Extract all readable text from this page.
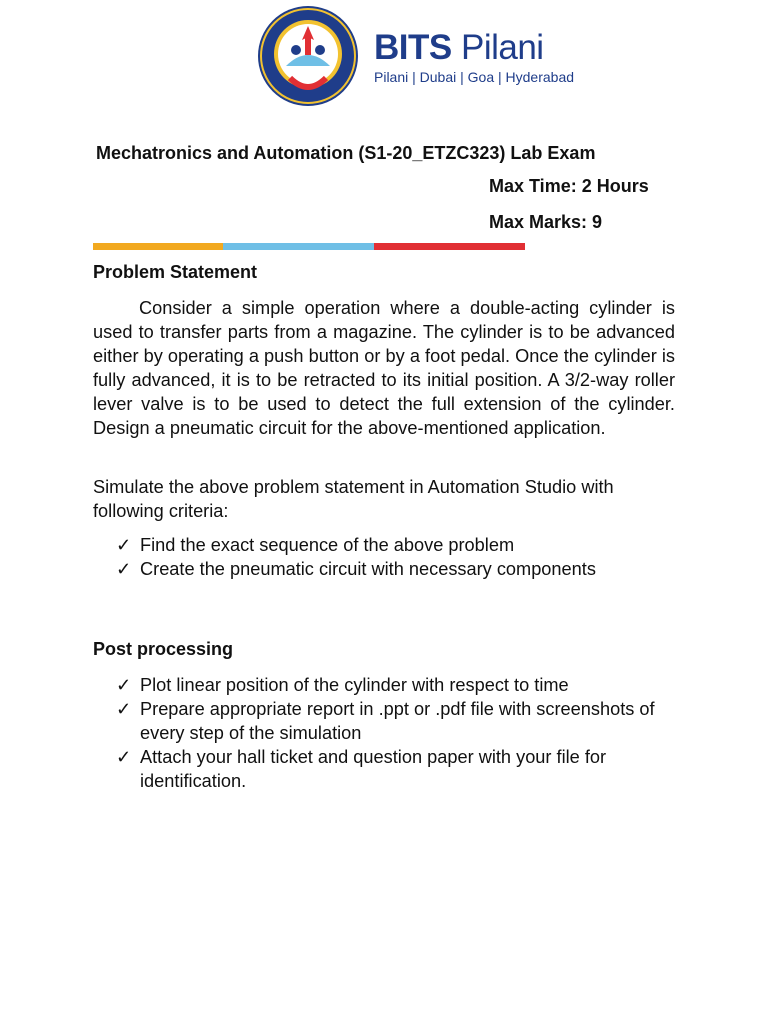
BITS Pilani
Pilani | Dubai | Goa | Hyderabad
Mechatronics and Automation (S1-20_ETZC323) Lab Exam
Max Time: 2 Hours
Max Marks: 9
Problem Statement
Consider a simple operation where a double-acting cylinder is used to transfer parts from a magazine. The cylinder is to be advanced either by operating a push button or by a foot pedal. Once the cylinder is fully advanced, it is to be retracted to its initial position. A 3/2-way roller lever valve is to be used to detect the full extension of the cylinder. Design a pneumatic circuit for the above-mentioned application.
Simulate the above problem statement in Automation Studio with following criteria:
✓ Find the exact sequence of the above problem
✓ Create the pneumatic circuit with necessary components
Post processing
✓ Plot linear position of the cylinder with respect to time
✓ Prepare appropriate report in .ppt or .pdf file with screenshots of every step of the simulation
✓ Attach your hall ticket and question paper with your file for identification.
